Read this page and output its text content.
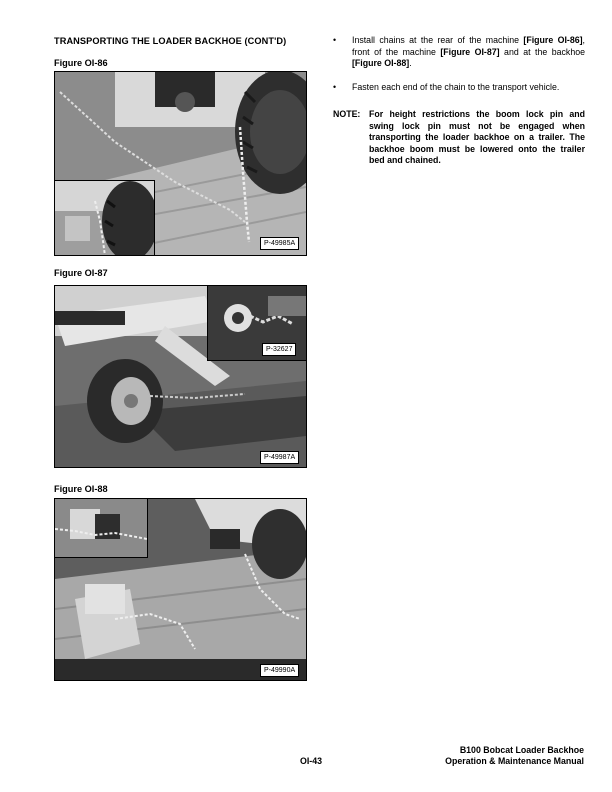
TRANSPORTING THE LOADER BACKHOE (CONT'D)
Figure OI-86
P-49985A
Figure OI-87
P-32627
P-49987A
Figure OI-88
P-49990A
• Install chains at the rear of the machine [Figure OI-86], front of the machine [Figure OI-87] and at the backhoe [Figure OI-88].
• Fasten each end of the chain to the transport vehicle.
NOTE: For height restrictions the boom lock pin and swing lock pin must not be engaged when transporting the loader backhoe on a trailer. The backhoe boom must be lowered onto the trailer bed and chained.
OI-43
B100 Bobcat Loader Backhoe
Operation & Maintenance Manual
